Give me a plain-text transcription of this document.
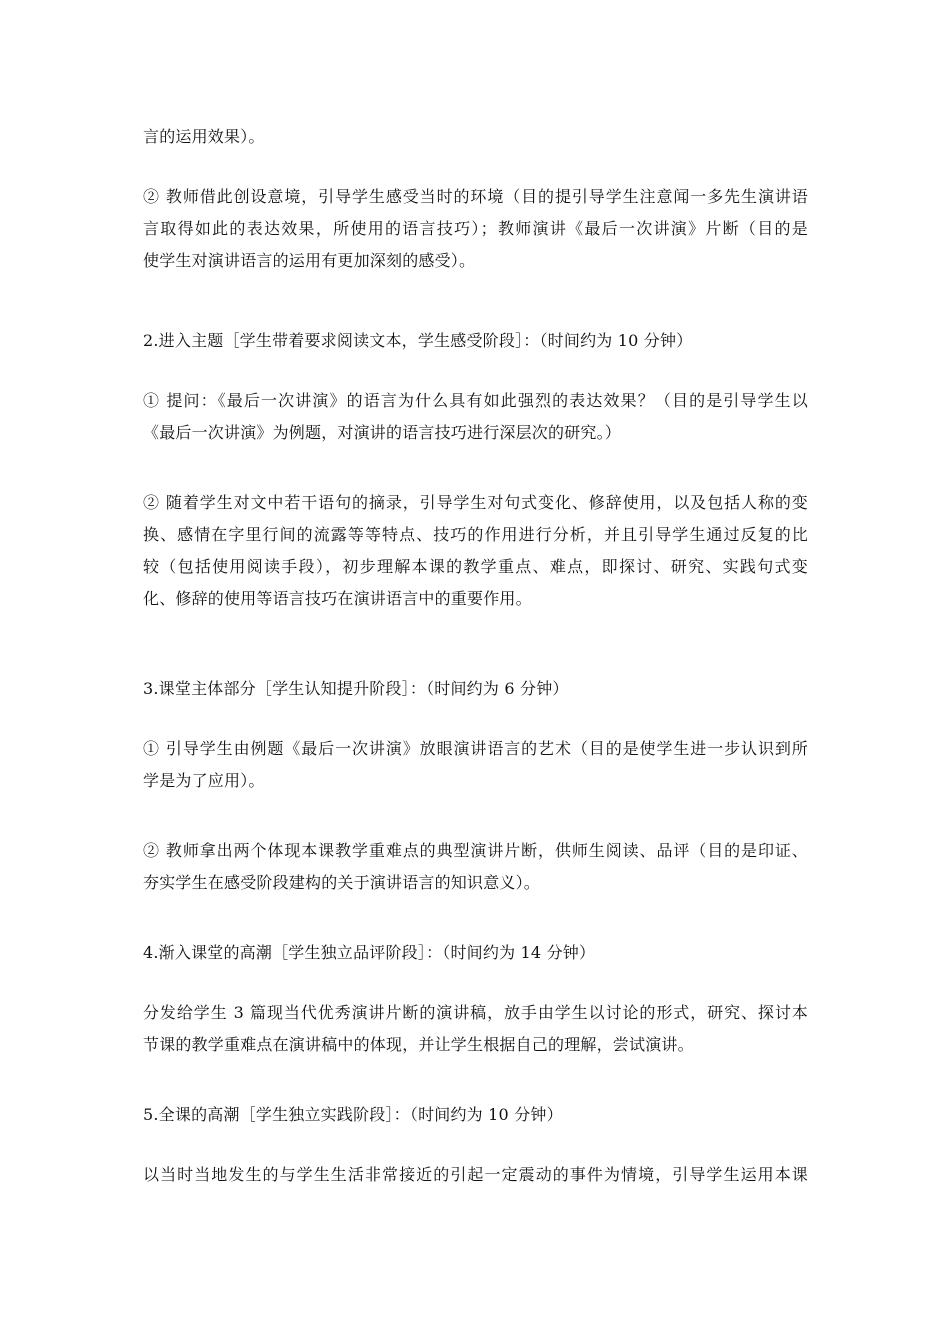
言的运用效果）。
② 教师借此创设意境，引导学生感受当时的环境（目的提引导学生注意闻一多先生演讲语
言取得如此的表达效果，所使用的语言技巧）；教师演讲《最后一次讲演》片断（目的是
使学生对演讲语言的运用有更加深刻的感受）。
2.进入主题［学生带着要求阅读文本，学生感受阶段］：（时间约为 10 分钟）
① 提问：《最后一次讲演》的语言为什么具有如此强烈的表达效果？（目的是引导学生以
《最后一次讲演》为例题，对演讲的语言技巧进行深层次的研究。）
② 随着学生对文中若干语句的摘录，引导学生对句式变化、修辞使用，以及包括人称的变
换、感情在字里行间的流露等等特点、技巧的作用进行分析，并且引导学生通过反复的比
较（包括使用阅读手段），初步理解本课的教学重点、难点，即探讨、研究、实践句式变
化、修辞的使用等语言技巧在演讲语言中的重要作用。
3.课堂主体部分［学生认知提升阶段］：（时间约为 6 分钟）
① 引导学生由例题《最后一次讲演》放眼演讲语言的艺术（目的是使学生进一步认识到所
学是为了应用）。
② 教师拿出两个体现本课教学重难点的典型演讲片断，供师生阅读、品评（目的是印证、
夯实学生在感受阶段建构的关于演讲语言的知识意义）。
4.渐入课堂的高潮［学生独立品评阶段］：（时间约为 14 分钟）
分发给学生 3 篇现当代优秀演讲片断的演讲稿，放手由学生以讨论的形式，研究、探讨本
节课的教学重难点在演讲稿中的体现，并让学生根据自己的理解，尝试演讲。
5.全课的高潮［学生独立实践阶段］：（时间约为 10 分钟）
以当时当地发生的与学生生活非常接近的引起一定震动的事件为情境，引导学生运用本课
